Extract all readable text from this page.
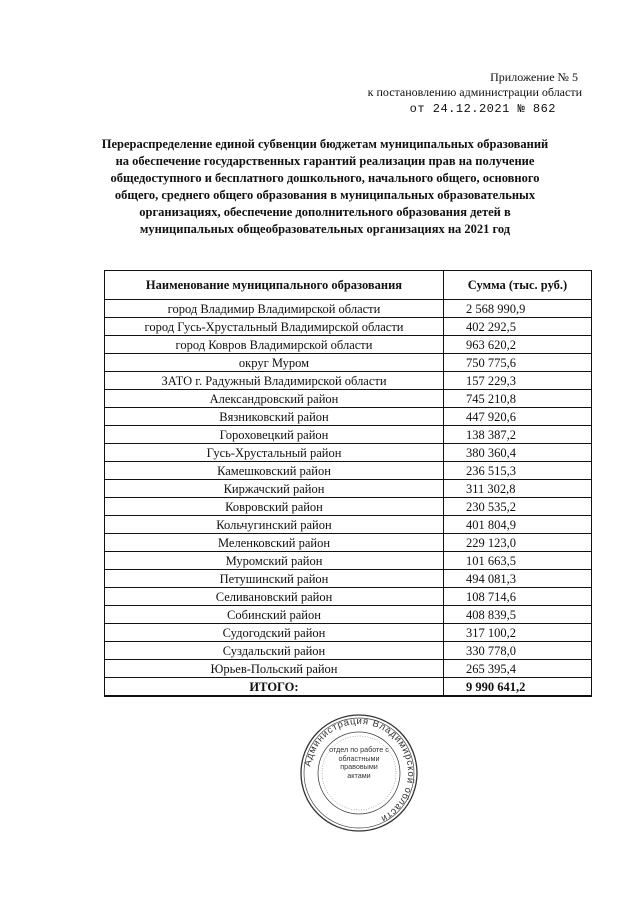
Приложение № 5
к постановлению администрации области
от 24.12.2021 № 862
Перераспределение единой субвенции бюджетам муниципальных образований на обеспечение государственных гарантий реализации прав на получение общедоступного и бесплатного дошкольного, начального общего, основного общего, среднего общего образования в муниципальных образовательных организациях, обеспечение дополнительного образования детей в муниципальных общеобразовательных организациях на 2021 год
Наименование муниципального образования	Сумма (тыс. руб.)
город Владимир Владимирской области	2 568 990,9
город Гусь-Хрустальный Владимирской области	402 292,5
город Ковров Владимирской области	963 620,2
округ Муром	750 775,6
ЗАТО г. Радужный Владимирской области	157 229,3
Александровский район	745 210,8
Вязниковский район	447 920,6
Гороховецкий район	138 387,2
Гусь-Хрустальный район	380 360,4
Камешковский район	236 515,3
Киржачский район	311 302,8
Ковровский район	230 535,2
Кольчугинский район	401 804,9
Меленковский район	229 123,0
Муромский район	101 663,5
Петушинский район	494 081,3
Селивановский район	108 714,6
Собинский район	408 839,5
Судогодский район	317 100,2
Суздальский район	330 778,0
Юрьев-Польский район	265 395,4
ИТОГО:	9 990 641,2
Администрация Владимирской области
отдел по работе с областными правовыми актами
